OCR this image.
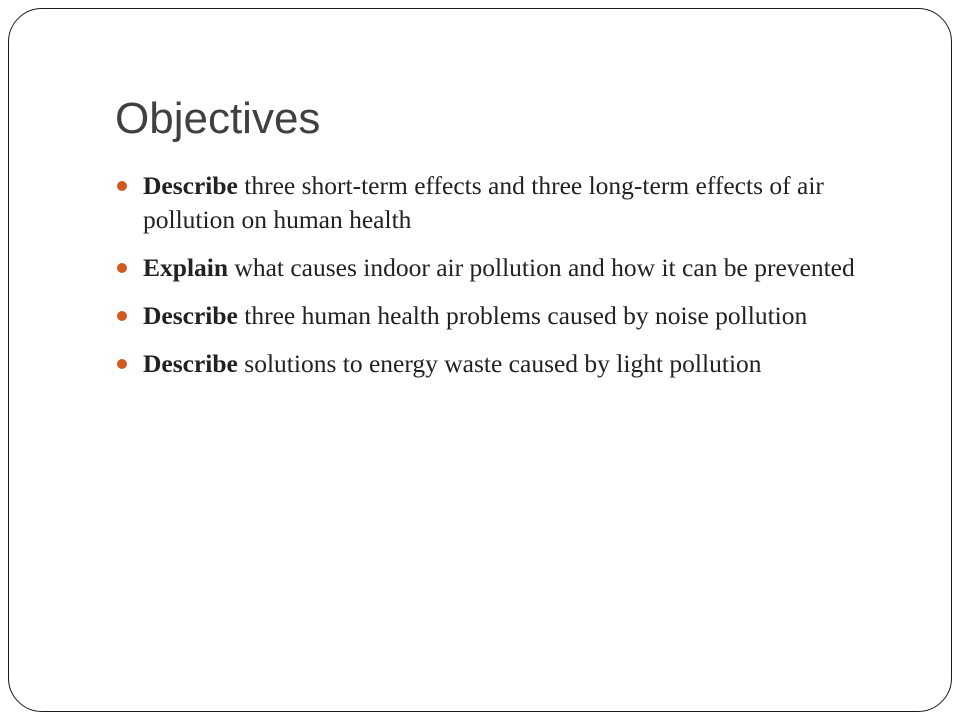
Objectives
Describe three short-term effects and three long-term effects of air pollution on human health
Explain what causes indoor air pollution and how it can be prevented
Describe three human health problems caused by noise pollution
Describe solutions to energy waste caused by light pollution
